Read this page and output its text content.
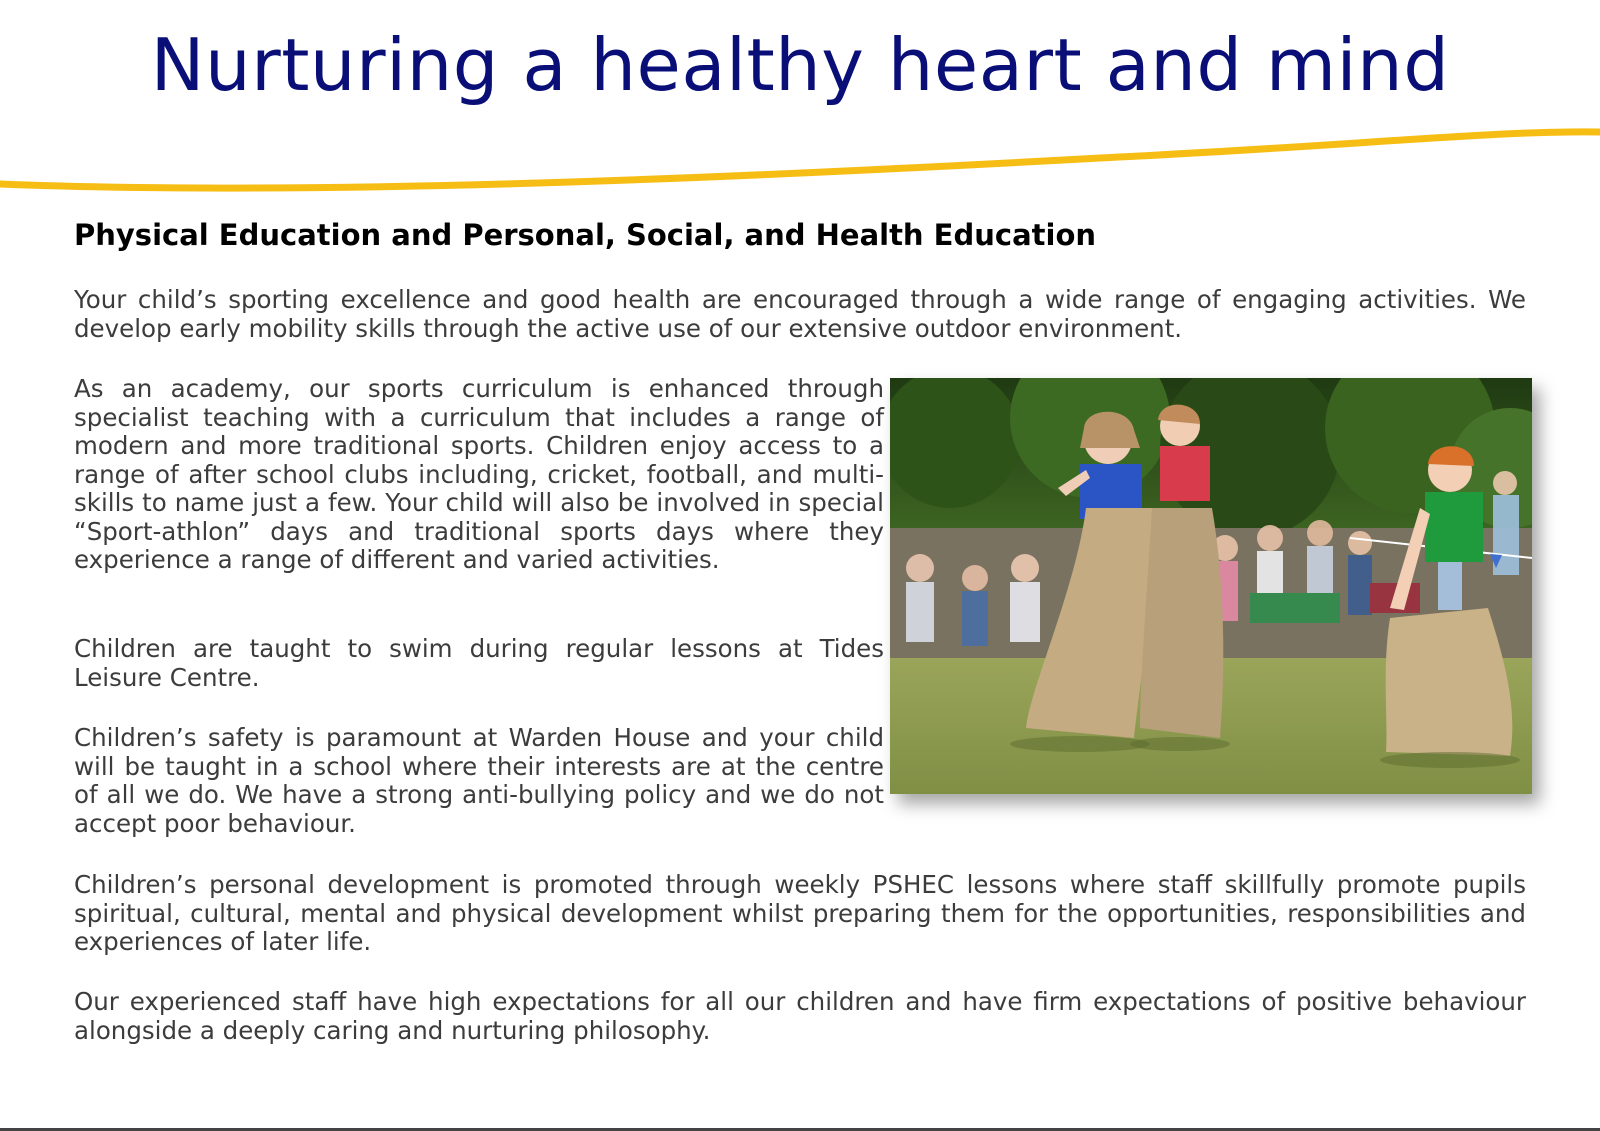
Nurturing a healthy heart and mind
Physical Education and Personal, Social, and Health Education

Your child’s sporting excellence and good health are encouraged through a wide range of engaging activities. We develop early mobility skills through the active use of our extensive outdoor environment.

As an academy, our sports curriculum is enhanced through specialist teaching with a curriculum that includes a range of modern and more traditional sports. Children enjoy access to a range of after school clubs including, cricket, football, and multi-skills to name just a few. Your child will also be involved in special “Sport-athlon” days and traditional sports days where they experience a range of different and varied activities.

Children are taught to swim during regular lessons at Tides Leisure Centre.

Children’s safety is paramount at Warden House and your child will be taught in a school where their interests are at the centre of all we do. We have a strong anti-bullying policy and we do not accept poor behaviour.

Children’s personal development is promoted through weekly PSHEC lessons where staff skillfully promote pupils spiritual, cultural, mental and physical development whilst preparing them for the opportunities, responsibilities and experiences of later life.

Our experienced staff have high expectations for all our children and have firm expectations of positive behaviour alongside a deeply caring and nurturing philosophy.
